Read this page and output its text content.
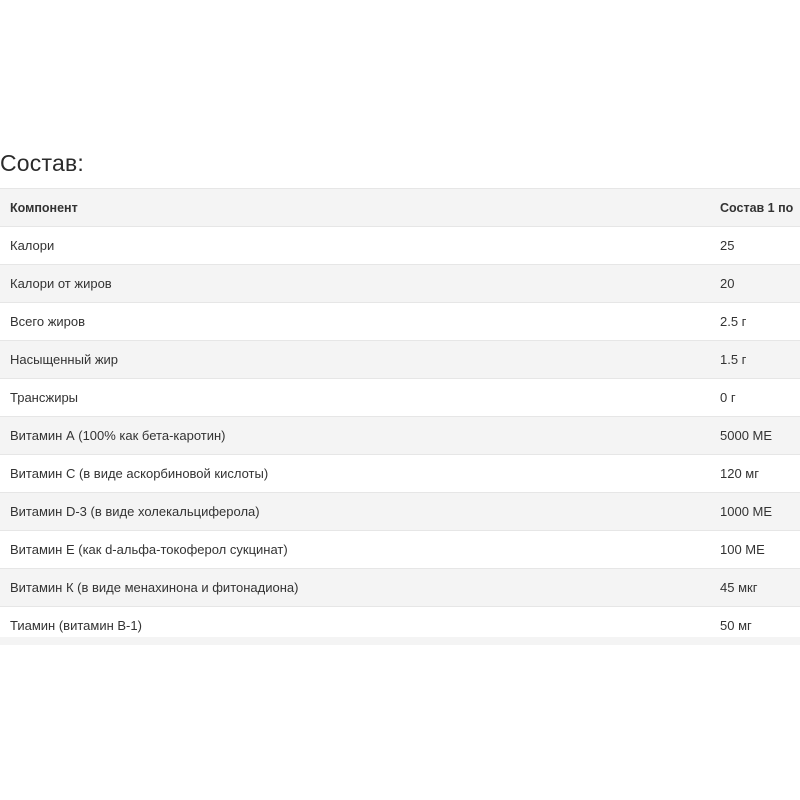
Состав:
Компонент	Состав 1 по
Калори	25
Калори от жиров	20
Всего жиров	2.5 г
Насыщенный жир	1.5 г
Трансжиры	0 г
Витамин А (100% как бета-каротин)	5000 МЕ
Витамин С (в виде аскорбиновой кислоты)	120 мг
Витамин D-3 (в виде холекальциферола)	1000 МЕ
Витамин Е (как d-альфа-токоферол сукцинат)	100 МЕ
Витамин К (в виде менахинона и фитонадиона)	45 мкг
Тиамин (витамин В-1)	50 мг
